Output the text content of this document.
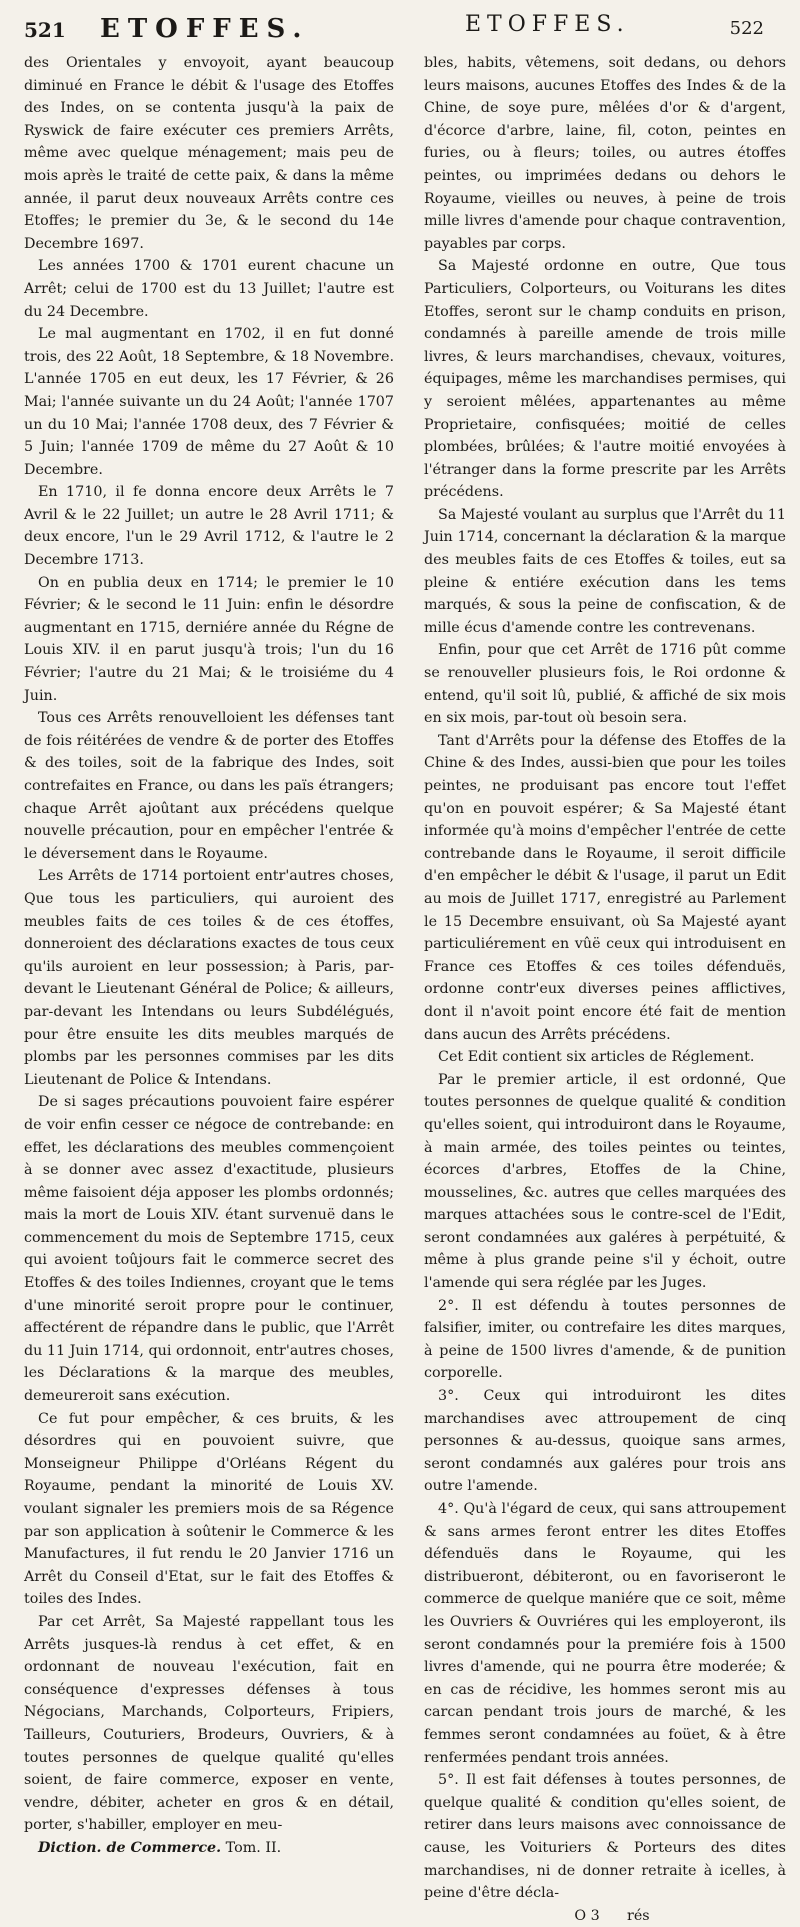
521 ETOFFES.	ETOFFES.	522

des Orientales y envoyoit, ayant beaucoup diminué en France le débit & l'usage des Etoffes des Indes, on se contenta jusqu'à la paix de Ryswick de faire exécuter ces premiers Arrêts, même avec quelque ménagement; mais peu de mois après le traité de cette paix, & dans la même année, il parut deux nouveaux Arrêts contre ces Etoffes; le premier du 3e, & le second du 14e Decembre 1697.

Les années 1700 & 1701 eurent chacune un Arrêt; celui de 1700 est du 13 Juillet; l'autre est du 24 Decembre.

Le mal augmentant en 1702, il en fut donné trois, des 22 Août, 18 Septembre, & 18 Novembre. L'année 1705 en eut deux, les 17 Février, & 26 Mai; l'année suivante un du 24 Août; l'année 1707 un du 10 Mai; l'année 1708 deux, des 7 Février & 5 Juin; l'année 1709 de même du 27 Août & 10 Decembre.

En 1710, il fe donna encore deux Arrêts le 7 Avril & le 22 Juillet; un autre le 28 Avril 1711; & deux encore, l'un le 29 Avril 1712, & l'autre le 2 Decembre 1713.

On en publia deux en 1714; le premier le 10 Février; & le second le 11 Juin: enfin le désordre augmentant en 1715, derniére année du Régne de Louis XIV. il en parut jusqu'à trois; l'un du 16 Février; l'autre du 21 Mai; & le troisiéme du 4 Juin.

Tous ces Arrêts renouvelloient les défenses tant de fois réitérées de vendre & de porter des Etoffes & des toiles, soit de la fabrique des Indes, soit contrefaites en France, ou dans les païs étrangers; chaque Arrêt ajoûtant aux précédens quelque nouvelle précaution, pour en empêcher l'entrée & le déversement dans le Royaume.

Les Arrêts de 1714 portoient entr'autres choses, Que tous les particuliers, qui auroient des meubles faits de ces toiles & de ces étoffes, donneroient des déclarations exactes de tous ceux qu'ils auroient en leur possession; à Paris, par-devant le Lieutenant Général de Police; & ailleurs, par-devant les Intendans ou leurs Subdélégués, pour être ensuite les dits meubles marqués de plombs par les personnes commises par les dits Lieutenant de Police & Intendans.

De si sages précautions pouvoient faire espérer de voir enfin cesser ce négoce de contrebande: en effet, les déclarations des meubles commençoient à se donner avec assez d'exactitude, plusieurs même faisoient déja apposer les plombs ordonnés; mais la mort de Louis XIV. étant survenuë dans le commencement du mois de Septembre 1715, ceux qui avoient toûjours fait le commerce secret des Etoffes & des toiles Indiennes, croyant que le tems d'une minorité seroit propre pour le continuer, affectérent de répandre dans le public, que l'Arrêt du 11 Juin 1714, qui ordonnoit, entr'autres choses, les Déclarations & la marque des meubles, demeureroit sans exécution.

Ce fut pour empêcher, & ces bruits, & les désordres qui en pouvoient suivre, que Monseigneur Philippe d'Orléans Régent du Royaume, pendant la minorité de Louis XV. voulant signaler les premiers mois de sa Régence par son application à soûtenir le Commerce & les Manufactures, il fut rendu le 20 Janvier 1716 un Arrêt du Conseil d'Etat, sur le fait des Etoffes & toiles des Indes.

Par cet Arrêt, Sa Majesté rappellant tous les Arrêts jusques-là rendus à cet effet, & en ordonnant de nouveau l'exécution, fait en conséquence d'expresses défenses à tous Négocians, Marchands, Colporteurs, Fripiers, Tailleurs, Couturiers, Brodeurs, Ouvriers, & à toutes personnes de quelque qualité qu'elles soient, de faire commerce, exposer en vente, vendre, débiter, acheter en gros & en détail, porter, s'habiller, employer en meu-

Diction. de Commerce. Tom. II.

bles, habits, vêtemens, soit dedans, ou dehors leurs maisons, aucunes Etoffes des Indes & de la Chine, de soye pure, mêlées d'or & d'argent, d'écorce d'arbre, laine, fil, coton, peintes en furies, ou à fleurs; toiles, ou autres étoffes peintes, ou imprimées dedans ou dehors le Royaume, vieilles ou neuves, à peine de trois mille livres d'amende pour chaque contravention, payables par corps.

Sa Majesté ordonne en outre, Que tous Particuliers, Colporteurs, ou Voiturans les dites Etoffes, seront sur le champ conduits en prison, condamnés à pareille amende de trois mille livres, & leurs marchandises, chevaux, voitures, équipages, même les marchandises permises, qui y seroient mêlées, appartenantes au même Proprietaire, confisquées; moitié de celles plombées, brûlées; & l'autre moitié envoyées à l'étranger dans la forme prescrite par les Arrêts précédens.

Sa Majesté voulant au surplus que l'Arrêt du 11 Juin 1714, concernant la déclaration & la marque des meubles faits de ces Etoffes & toiles, eut sa pleine & entiére exécution dans les tems marqués, & sous la peine de confiscation, & de mille écus d'amende contre les contrevenans.

Enfin, pour que cet Arrêt de 1716 pût comme se renouveller plusieurs fois, le Roi ordonne & entend, qu'il soit lû, publié, & affiché de six mois en six mois, par-tout où besoin sera.

Tant d'Arrêts pour la défense des Etoffes de la Chine & des Indes, aussi-bien que pour les toiles peintes, ne produisant pas encore tout l'effet qu'on en pouvoit espérer; & Sa Majesté étant informée qu'à moins d'empêcher l'entrée de cette contrebande dans le Royaume, il seroit difficile d'en empêcher le débit & l'usage, il parut un Edit au mois de Juillet 1717, enregistré au Parlement le 15 Decembre ensuivant, où Sa Majesté ayant particuliérement en vûë ceux qui introduisent en France ces Etoffes & ces toiles défenduës, ordonne contr'eux diverses peines afflictives, dont il n'avoit point encore été fait de mention dans aucun des Arrêts précédens.

Cet Edit contient six articles de Réglement.

Par le premier article, il est ordonné, Que toutes personnes de quelque qualité & condition qu'elles soient, qui introduiront dans le Royaume, à main armée, des toiles peintes ou teintes, écorces d'arbres, Etoffes de la Chine, mousselines, &c. autres que celles marquées des marques attachées sous le contre-scel de l'Edit, seront condamnées aux galéres à perpétuité, & même à plus grande peine s'il y échoit, outre l'amende qui sera réglée par les Juges.

2°. Il est défendu à toutes personnes de falsifier, imiter, ou contrefaire les dites marques, à peine de 1500 livres d'amende, & de punition corporelle.

3°. Ceux qui introduiront les dites marchandises avec attroupement de cinq personnes & au-dessus, quoique sans armes, seront condamnés aux galéres pour trois ans outre l'amende.

4°. Qu'à l'égard de ceux, qui sans attroupement & sans armes feront entrer les dites Etoffes défenduës dans le Royaume, qui les distribueront, débiteront, ou en favoriseront le commerce de quelque maniére que ce soit, même les Ouvriers & Ouvriéres qui les employeront, ils seront condamnés pour la premiére fois à 1500 livres d'amende, qui ne pourra être moderée; & en cas de récidive, les hommes seront mis au carcan pendant trois jours de marché, & les femmes seront condamnées au foüet, & à être renfermées pendant trois années.

5°. Il est fait défenses à toutes personnes, de quelque qualité & condition qu'elles soient, de retirer dans leurs maisons avec connoissance de cause, les Voituriers & Porteurs des dites marchandises, ni de donner retraite à icelles, à peine d'être décla-

O 3 rés
